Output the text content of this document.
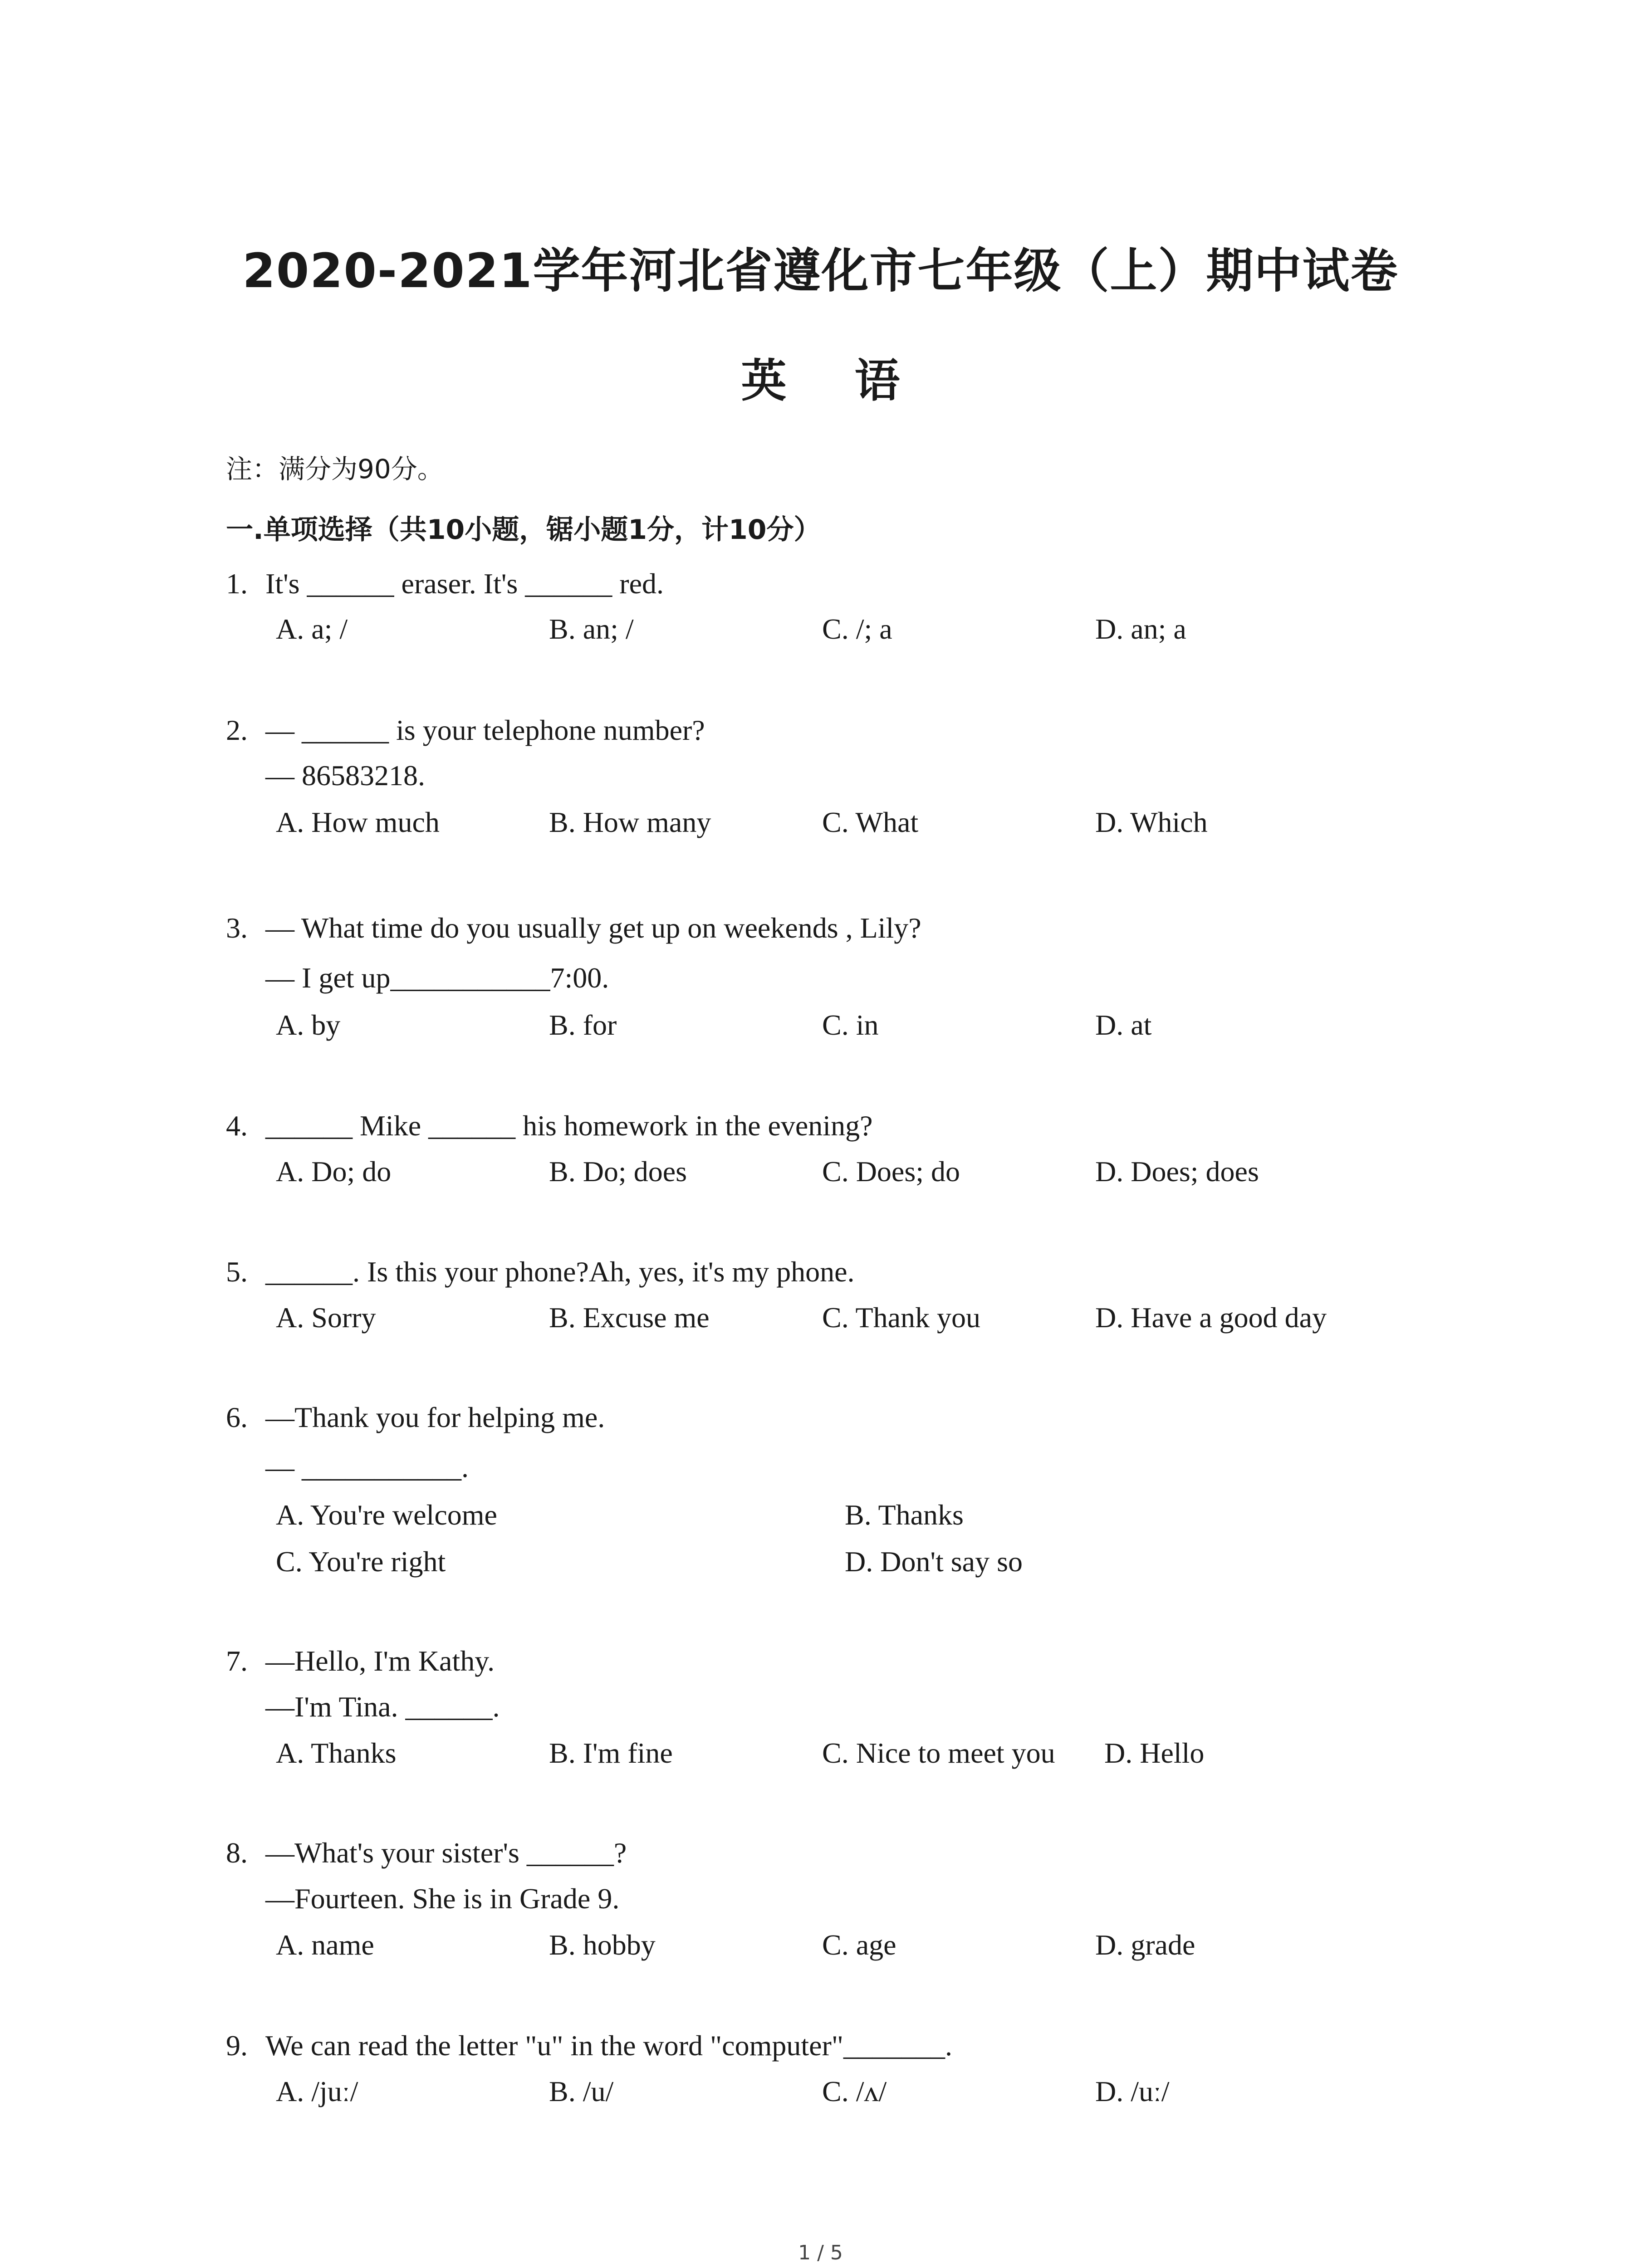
2020-2021学年河北省遵化市七年级（上）期中试卷
英语
注：满分为90分。
一.单项选择（共10小题，锯小题1分，计10分）
1. It's ______ eraser. It's ______ red.
A. a; /	B. an; /	C. /; a	D. an; a
2. — ______ is your telephone number?
— 86583218.
A. How much	B. How many	C. What	D. Which
3. — What time do you usually get up on weekends , Lily?
— I get up___________7:00.
A. by	B. for	C. in	D. at
4. ______ Mike ______ his homework in the evening?
A. Do; do	B. Do; does	C. Does; do	D. Does; does
5. ______. Is this your phone?Ah, yes, it's my phone.
A. Sorry	B. Excuse me	C. Thank you	D. Have a good day
6. —Thank you for helping me.
— ___________.
A. You're welcome	B. Thanks
C. You're right	D. Don't say so
7. —Hello, I'm Kathy.
—I'm Tina. ______.
A. Thanks	B. I'm fine	C. Nice to meet you D. Hello
8. —What's your sister's ______?
—Fourteen. She is in Grade 9.
A. name	B. hobby	C. age	D. grade
9. We can read the letter "u" in the word "computer"_______.
A. /juː/	B. /u/	C. /ʌ/	D. /uː/
1 / 5
